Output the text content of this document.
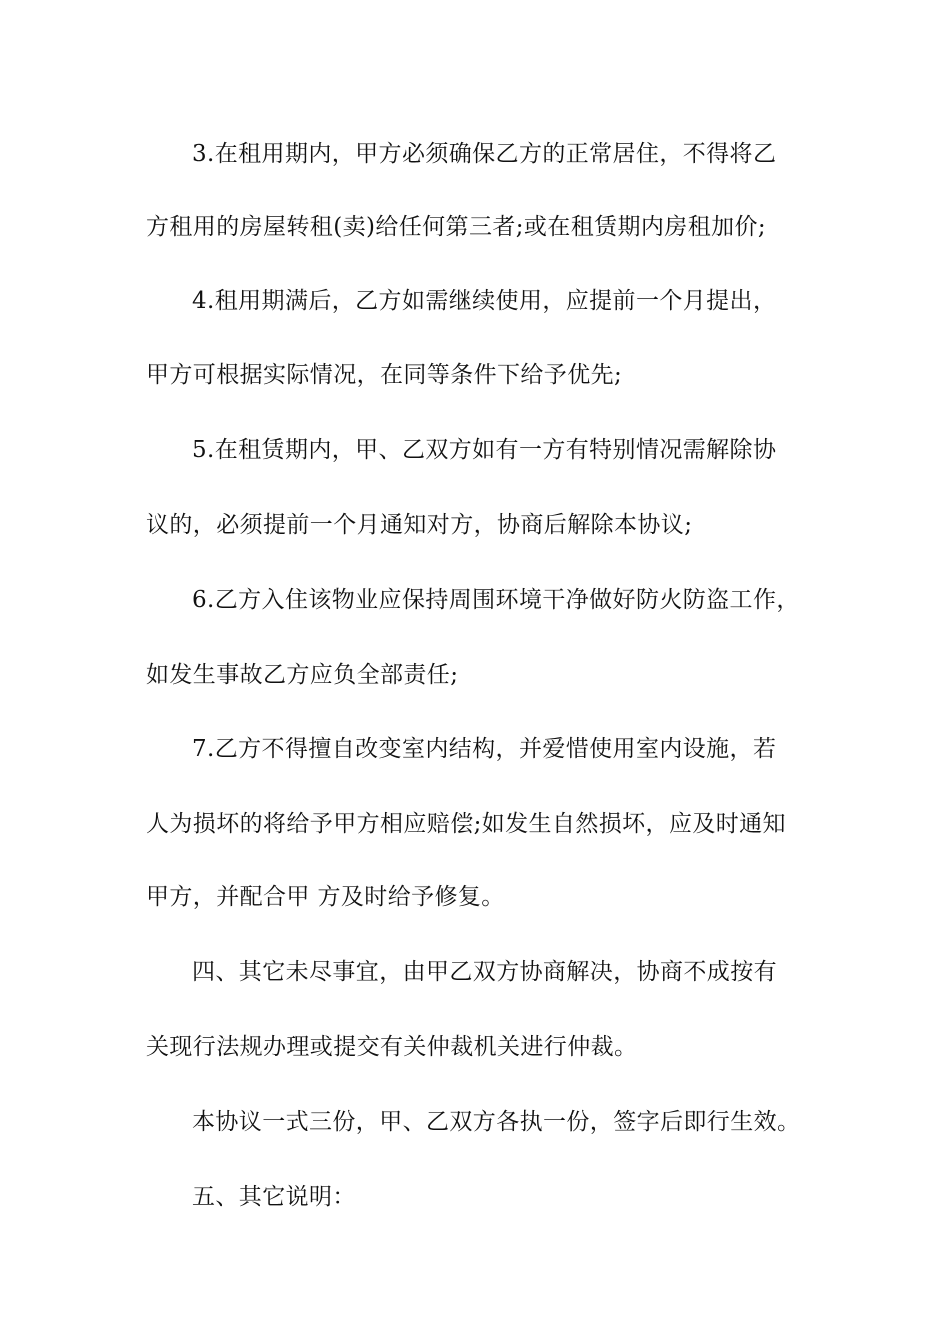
3.在租用期内，甲方必须确保乙方的正常居住，不得将乙
方租用的房屋转租(卖)给任何第三者;或在租赁期内房租加价;
4.租用期满后，乙方如需继续使用，应提前一个月提出，
甲方可根据实际情况，在同等条件下给予优先;
5.在租赁期内，甲、乙双方如有一方有特别情况需解除协
议的，必须提前一个月通知对方，协商后解除本协议;
6.乙方入住该物业应保持周围环境干净做好防火防盗工作，
如发生事故乙方应负全部责任;
7.乙方不得擅自改变室内结构，并爱惜使用室内设施，若
人为损坏的将给予甲方相应赔偿;如发生自然损坏，应及时通知
甲方，并配合甲 方及时给予修复。
四、其它未尽事宜，由甲乙双方协商解决，协商不成按有
关现行法规办理或提交有关仲裁机关进行仲裁。
本协议一式三份，甲、乙双方各执一份，签字后即行生效。
五、其它说明：
